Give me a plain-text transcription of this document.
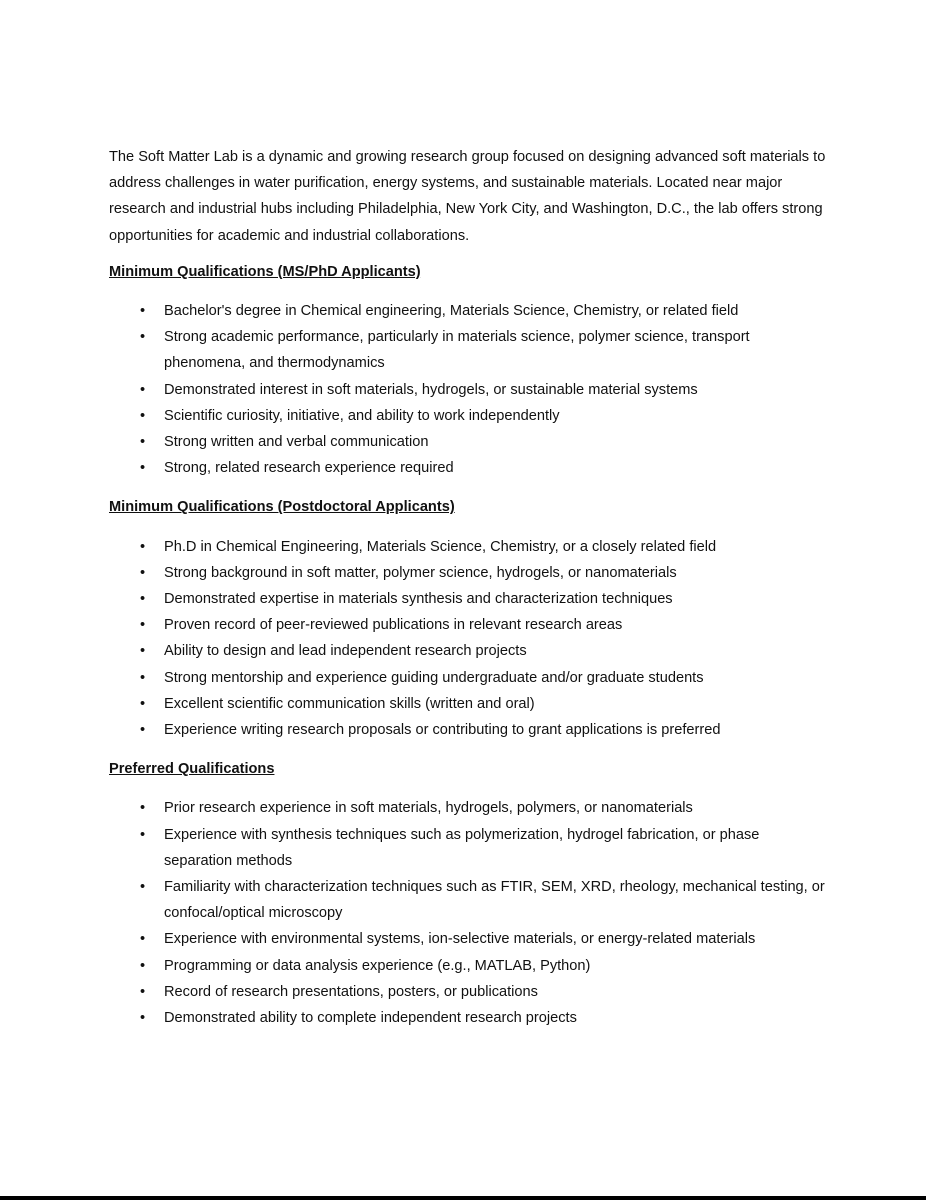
The Soft Matter Lab is a dynamic and growing research group focused on designing advanced soft materials to address challenges in water purification, energy systems, and sustainable materials. Located near major research and industrial hubs including Philadelphia, New York City, and Washington, D.C., the lab offers strong opportunities for academic and industrial collaborations.

Minimum Qualifications (MS/PhD Applicants)
• Bachelor's degree in Chemical engineering, Materials Science, Chemistry, or related field
• Strong academic performance, particularly in materials science, polymer science, transport phenomena, and thermodynamics
• Demonstrated interest in soft materials, hydrogels, or sustainable material systems
• Scientific curiosity, initiative, and ability to work independently
• Strong written and verbal communication
• Strong, related research experience required
Minimum Qualifications (Postdoctoral Applicants)
• Ph.D in Chemical Engineering, Materials Science, Chemistry, or a closely related field
• Strong background in soft matter, polymer science, hydrogels, or nanomaterials
• Demonstrated expertise in materials synthesis and characterization techniques
• Proven record of peer-reviewed publications in relevant research areas
• Ability to design and lead independent research projects
• Strong mentorship and experience guiding undergraduate and/or graduate students
• Excellent scientific communication skills (written and oral)
• Experience writing research proposals or contributing to grant applications is preferred
Preferred Qualifications
• Prior research experience in soft materials, hydrogels, polymers, or nanomaterials
• Experience with synthesis techniques such as polymerization, hydrogel fabrication, or phase separation methods
• Familiarity with characterization techniques such as FTIR, SEM, XRD, rheology, mechanical testing, or confocal/optical microscopy
• Experience with environmental systems, ion-selective materials, or energy-related materials
• Programming or data analysis experience (e.g., MATLAB, Python)
• Record of research presentations, posters, or publications
• Demonstrated ability to complete independent research projects
